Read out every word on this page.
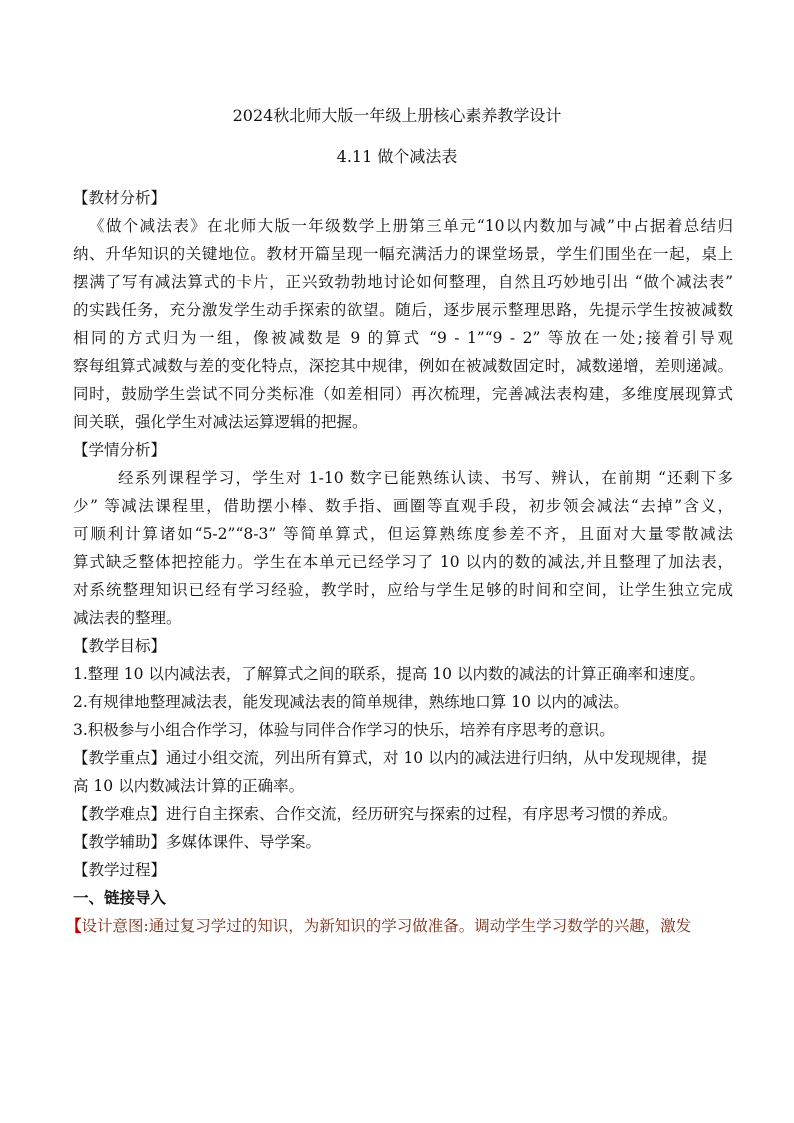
2024秋北师大版一年级上册核心素养教学设计
4.11 做个减法表
【教材分析】
《做个减法表》在北师大版一年级数学上册第三单元“10以内数加与减”中占据着总结归
纳、升华知识的关键地位。教材开篇呈现一幅充满活力的课堂场景，学生们围坐在一起，桌上
摆满了写有减法算式的卡片，正兴致勃勃地讨论如何整理，自然且巧妙地引出 “做个减法表”
的实践任务，充分激发学生动手探索的欲望。随后，逐步展示整理思路，先提示学生按被减数
相同的方式归为一组，像被减数是 9 的算式 “9 - 1”“9 - 2” 等放在一处;接着引导观
察每组算式减数与差的变化特点，深挖其中规律，例如在被减数固定时，减数递增，差则递减。
同时，鼓励学生尝试不同分类标准（如差相同）再次梳理，完善减法表构建，多维度展现算式
间关联，强化学生对减法运算逻辑的把握。
【学情分析】
经系列课程学习，学生对 1-10 数字已能熟练认读、书写、辨认，在前期 “还剩下多
少” 等减法课程里，借助摆小棒、数手指、画圈等直观手段，初步领会减法“去掉”含义，
可顺利计算诸如“5-2”“8-3” 等简单算式，但运算熟练度参差不齐，且面对大量零散减法
算式缺乏整体把控能力。学生在本单元已经学习了 10 以内的数的减法,并且整理了加法表，
对系统整理知识已经有学习经验，教学时，应给与学生足够的时间和空间，让学生独立完成
减法表的整理。
【教学目标】
1.整理 10 以内减法表，了解算式之间的联系，提高 10 以内数的减法的计算正确率和速度。
2.有规律地整理减法表，能发现减法表的简单规律，熟练地口算 10 以内的减法。
3.积极参与小组合作学习，体验与同伴合作学习的快乐，培养有序思考的意识。
【教学重点】通过小组交流，列出所有算式，对 10 以内的减法进行归纳，从中发现规律，提
高 10 以内数减法计算的正确率。
【教学难点】进行自主探索、合作交流，经历研究与探索的过程，有序思考习惯的养成。
【教学辅助】多媒体课件、导学案。
【教学过程】
一、链接导入
【设计意图:通过复习学过的知识，为新知识的学习做准备。调动学生学习数学的兴趣，激发
